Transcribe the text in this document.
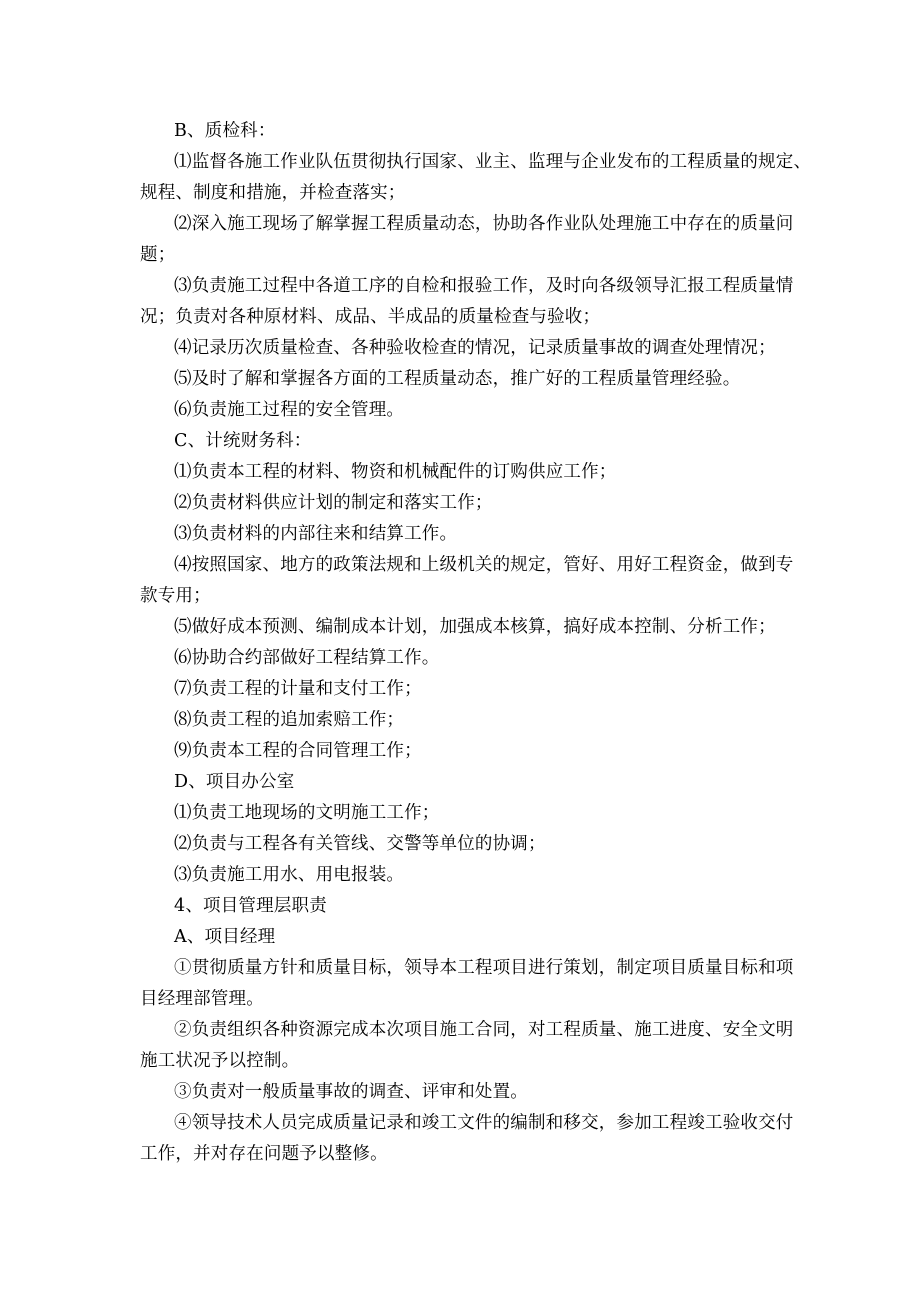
B、质检科：
⑴监督各施工作业队伍贯彻执行国家、业主、监理与企业发布的工程质量的规定、
规程、制度和措施，并检查落实；
⑵深入施工现场了解掌握工程质量动态，协助各作业队处理施工中存在的质量问
题；
⑶负责施工过程中各道工序的自检和报验工作，及时向各级领导汇报工程质量情
况；负责对各种原材料、成品、半成品的质量检查与验收；
⑷记录历次质量检查、各种验收检查的情况，记录质量事故的调查处理情况；
⑸及时了解和掌握各方面的工程质量动态，推广好的工程质量管理经验。
⑹负责施工过程的安全管理。
C、计统财务科：
⑴负责本工程的材料、物资和机械配件的订购供应工作；
⑵负责材料供应计划的制定和落实工作；
⑶负责材料的内部往来和结算工作。
⑷按照国家、地方的政策法规和上级机关的规定，管好、用好工程资金，做到专
款专用；
⑸做好成本预测、编制成本计划，加强成本核算，搞好成本控制、分析工作；
⑹协助合约部做好工程结算工作。
⑺负责工程的计量和支付工作；
⑻负责工程的追加索赔工作；
⑼负责本工程的合同管理工作；
D、项目办公室
⑴负责工地现场的文明施工工作；
⑵负责与工程各有关管线、交警等单位的协调；
⑶负责施工用水、用电报装。
4、项目管理层职责
A、项目经理
①贯彻质量方针和质量目标，领导本工程项目进行策划，制定项目质量目标和项
目经理部管理。
②负责组织各种资源完成本次项目施工合同，对工程质量、施工进度、安全文明
施工状况予以控制。
③负责对一般质量事故的调查、评审和处置。
④领导技术人员完成质量记录和竣工文件的编制和移交，参加工程竣工验收交付
工作，并对存在问题予以整修。
